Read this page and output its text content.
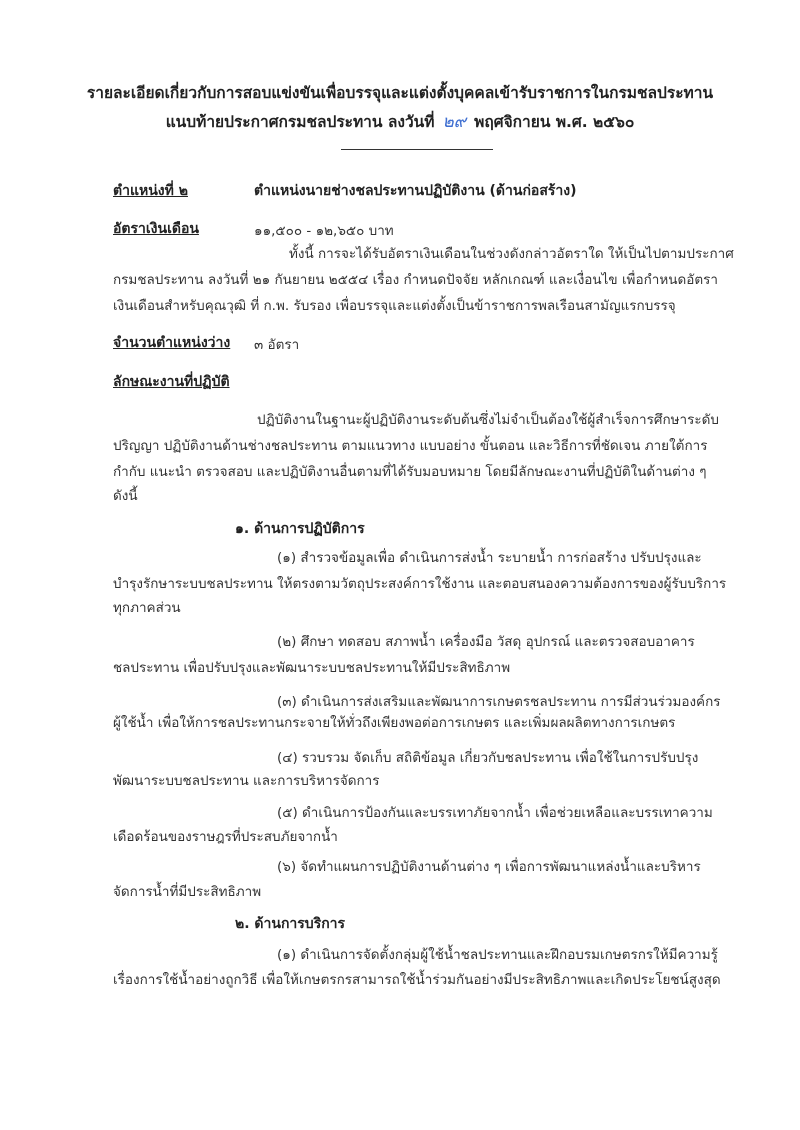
รายละเอียดเกี่ยวกับการสอบแข่งขันเพื่อบรรจุและแต่งตั้งบุคคลเข้ารับราชการในกรมชลประทาน
แนบท้ายประกาศกรมชลประทาน ลงวันที่ ๒๙ พฤศจิกายน พ.ศ. ๒๕๖๐
ตำแหน่งที่ ๒	ตำแหน่งนายช่างชลประทานปฏิบัติงาน (ด้านก่อสร้าง)
อัตราเงินเดือน	๑๑,๕๐๐ - ๑๒,๖๕๐ บาท
ทั้งนี้ การจะได้รับอัตราเงินเดือนในช่วงดังกล่าวอัตราใด ให้เป็นไปตามประกาศ
กรมชลประทาน ลงวันที่ ๒๑ กันยายน ๒๕๕๔ เรื่อง กำหนดปัจจัย หลักเกณฑ์ และเงื่อนไข เพื่อกำหนดอัตรา
เงินเดือนสำหรับคุณวุฒิ ที่ ก.พ. รับรอง เพื่อบรรจุและแต่งตั้งเป็นข้าราชการพลเรือนสามัญแรกบรรจุ
จำนวนตำแหน่งว่าง ๓ อัตรา
ลักษณะงานที่ปฏิบัติ
ปฏิบัติงานในฐานะผู้ปฏิบัติงานระดับต้นซึ่งไม่จำเป็นต้องใช้ผู้สำเร็จการศึกษาระดับ
ปริญญา ปฏิบัติงานด้านช่างชลประทาน ตามแนวทาง แบบอย่าง ขั้นตอน และวิธีการที่ชัดเจน ภายใต้การ
กำกับ แนะนำ ตรวจสอบ และปฏิบัติงานอื่นตามที่ได้รับมอบหมาย โดยมีลักษณะงานที่ปฏิบัติในด้านต่าง ๆ
ดังนี้
๑. ด้านการปฏิบัติการ
(๑) สำรวจข้อมูลเพื่อ ดำเนินการส่งน้ำ ระบายน้ำ การก่อสร้าง ปรับปรุงและ
บำรุงรักษาระบบชลประทาน ให้ตรงตามวัตถุประสงค์การใช้งาน และตอบสนองความต้องการของผู้รับบริการ
ทุกภาคส่วน
(๒) ศึกษา ทดสอบ สภาพน้ำ เครื่องมือ วัสดุ อุปกรณ์ และตรวจสอบอาคาร
ชลประทาน เพื่อปรับปรุงและพัฒนาระบบชลประทานให้มีประสิทธิภาพ
(๓) ดำเนินการส่งเสริมและพัฒนาการเกษตรชลประทาน การมีส่วนร่วมองค์กร
ผู้ใช้น้ำ เพื่อให้การชลประทานกระจายให้ทั่วถึงเพียงพอต่อการเกษตร และเพิ่มผลผลิตทางการเกษตร
(๔) รวบรวม จัดเก็บ สถิติข้อมูล เกี่ยวกับชลประทาน เพื่อใช้ในการปรับปรุง
พัฒนาระบบชลประทาน และการบริหารจัดการ
(๕) ดำเนินการป้องกันและบรรเทาภัยจากน้ำ เพื่อช่วยเหลือและบรรเทาความ
เดือดร้อนของราษฎรที่ประสบภัยจากน้ำ
(๖) จัดทำแผนการปฏิบัติงานด้านต่าง ๆ เพื่อการพัฒนาแหล่งน้ำและบริหาร
จัดการน้ำที่มีประสิทธิภาพ
๒. ด้านการบริการ
(๑) ดำเนินการจัดตั้งกลุ่มผู้ใช้น้ำชลประทานและฝึกอบรมเกษตรกรให้มีความรู้
เรื่องการใช้น้ำอย่างถูกวิธี เพื่อให้เกษตรกรสามารถใช้น้ำร่วมกันอย่างมีประสิทธิภาพและเกิดประโยชน์สูงสุด
